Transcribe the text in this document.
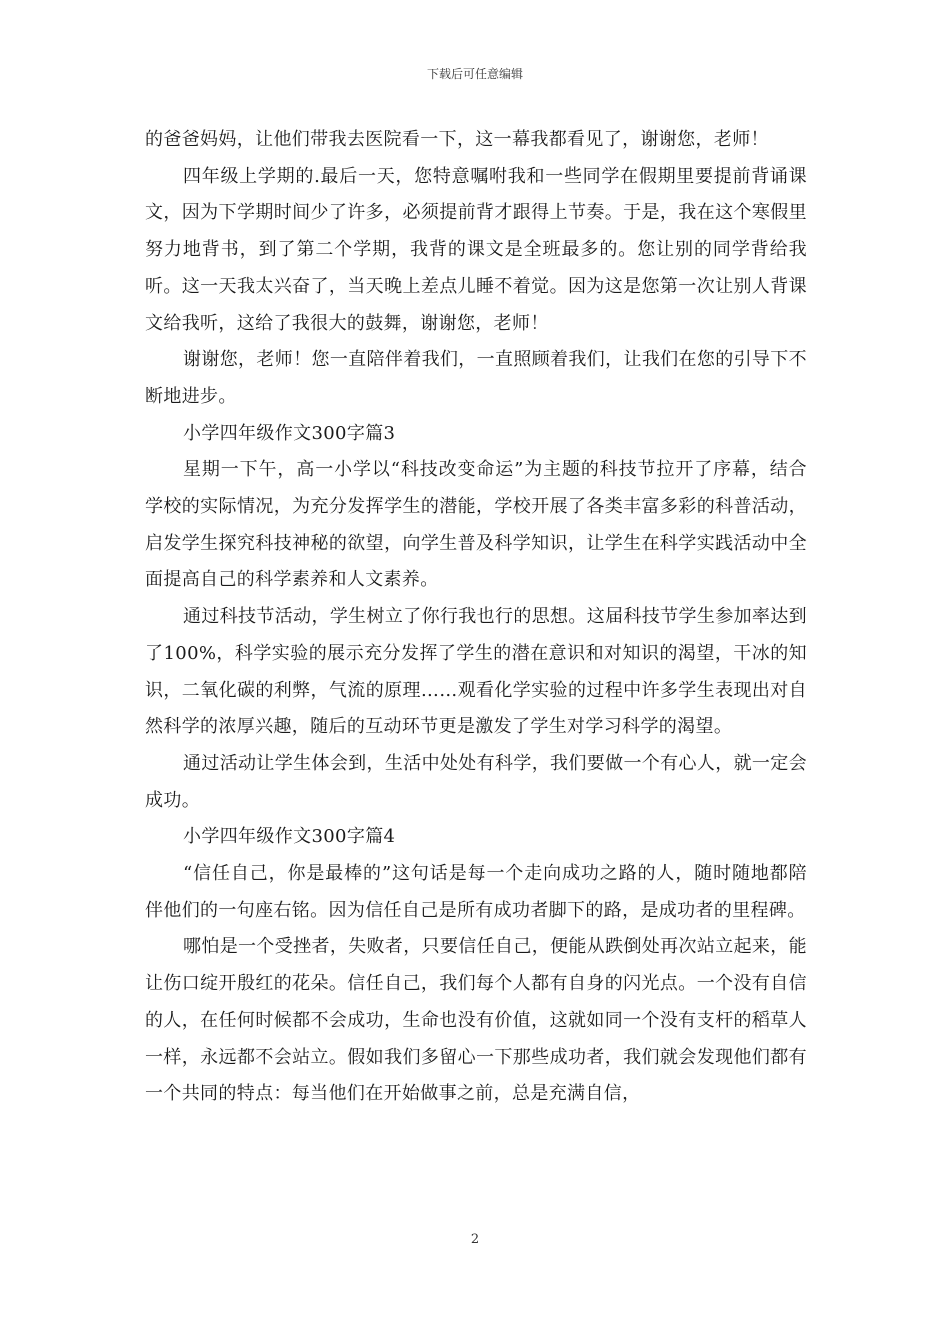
下载后可任意编辑

的爸爸妈妈，让他们带我去医院看一下，这一幕我都看见了，谢谢您，老师！

四年级上学期的.最后一天，您特意嘱咐我和一些同学在假期里要提前背诵课文，因为下学期时间少了许多，必须提前背才跟得上节奏。于是，我在这个寒假里努力地背书，到了第二个学期，我背的课文是全班最多的。您让别的同学背给我听。这一天我太兴奋了，当天晚上差点儿睡不着觉。因为这是您第一次让别人背课文给我听，这给了我很大的鼓舞，谢谢您，老师！

谢谢您，老师！您一直陪伴着我们，一直照顾着我们，让我们在您的引导下不断地进步。

小学四年级作文300字篇3

星期一下午，高一小学以“科技改变命运”为主题的科技节拉开了序幕，结合学校的实际情况，为充分发挥学生的潜能，学校开展了各类丰富多彩的科普活动，启发学生探究科技神秘的欲望，向学生普及科学知识，让学生在科学实践活动中全面提高自己的科学素养和人文素养。

通过科技节活动，学生树立了你行我也行的思想。这届科技节学生参加率达到了100%，科学实验的展示充分发挥了学生的潜在意识和对知识的渴望，干冰的知识，二氧化碳的利弊，气流的原理……观看化学实验的过程中许多学生表现出对自然科学的浓厚兴趣，随后的互动环节更是激发了学生对学习科学的渴望。

通过活动让学生体会到，生活中处处有科学，我们要做一个有心人，就一定会成功。

小学四年级作文300字篇4

“信任自己，你是最棒的”这句话是每一个走向成功之路的人，随时随地都陪伴他们的一句座右铭。因为信任自己是所有成功者脚下的路，是成功者的里程碑。

哪怕是一个受挫者，失败者，只要信任自己，便能从跌倒处再次站立起来，能让伤口绽开殷红的花朵。信任自己，我们每个人都有自身的闪光点。一个没有自信的人，在任何时候都不会成功，生命也没有价值，这就如同一个没有支杆的稻草人一样，永远都不会站立。假如我们多留心一下那些成功者，我们就会发现他们都有一个共同的特点：每当他们在开始做事之前，总是充满自信，

2
